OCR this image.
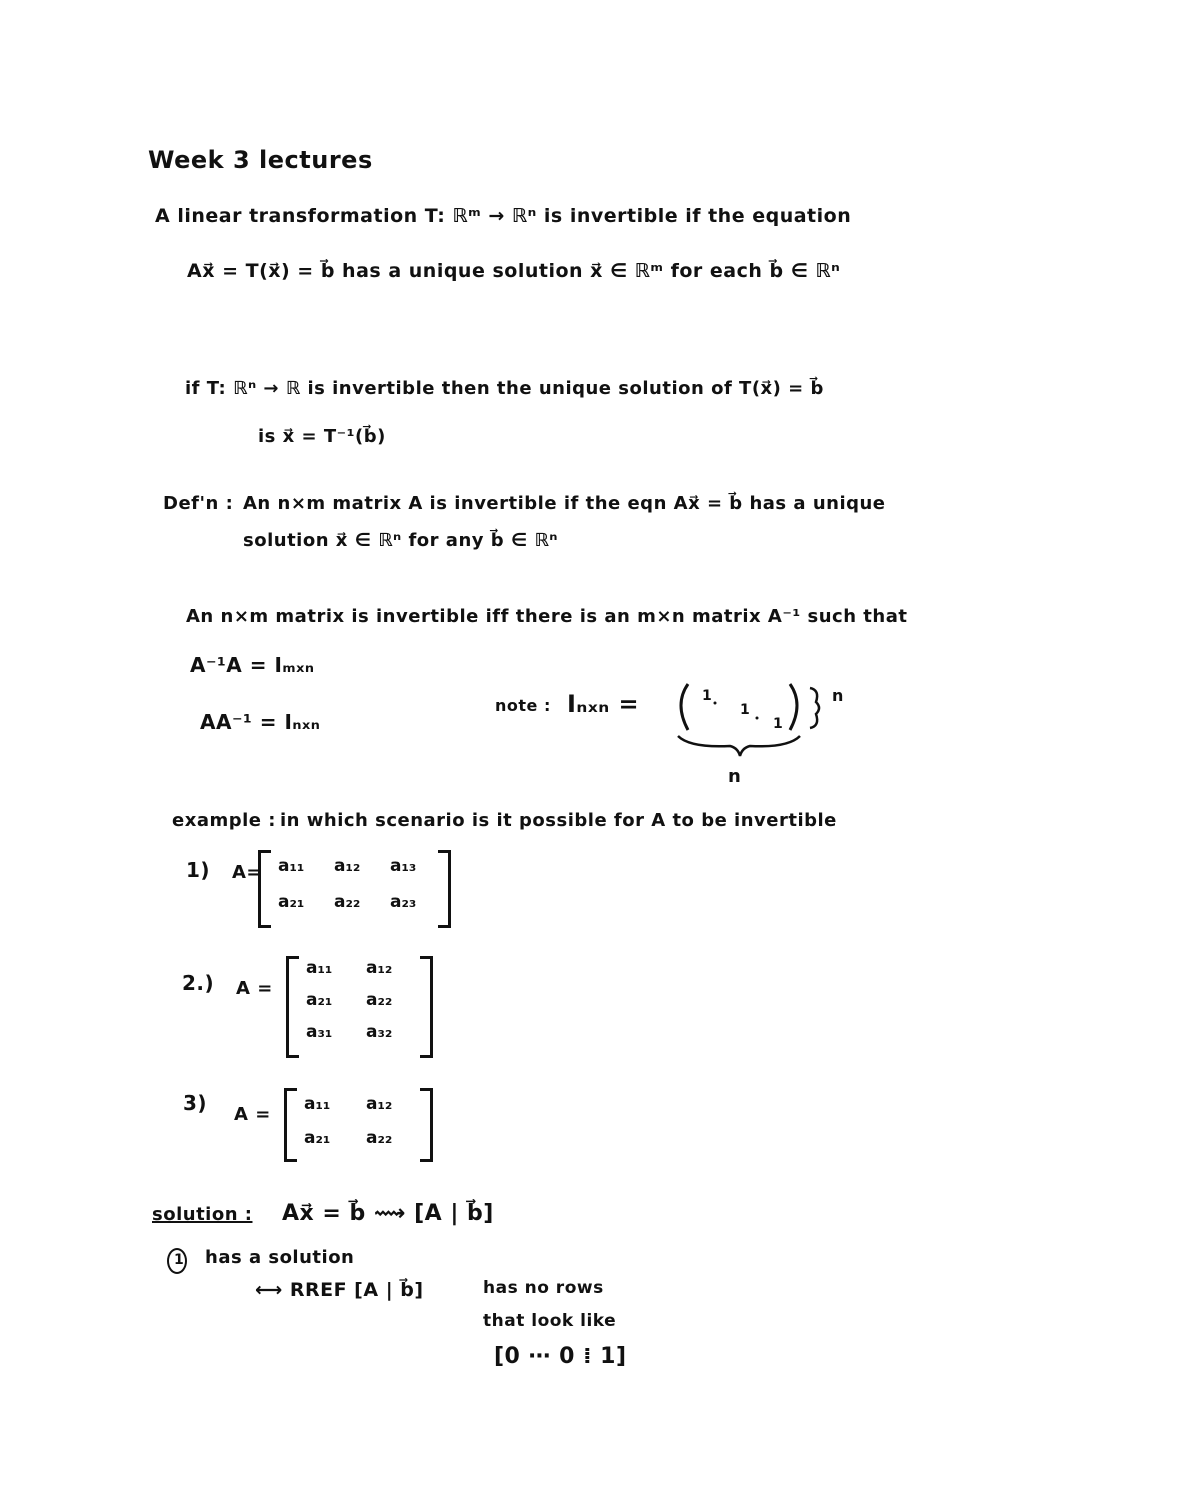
Week 3 lectures
A linear transformation T: ℝᵐ → ℝⁿ is invertible if the equation
Ax⃗ = T(x⃗) = b⃗ has a unique solution x⃗ ∈ ℝᵐ for each b⃗ ∈ ℝⁿ
if T: ℝⁿ → ℝ is invertible then the unique solution of T(x⃗) = b⃗
is x⃗ = T⁻¹(b⃗)
Def'n : An n×m matrix A is invertible if the eqn Ax⃗ = b⃗ has a unique
solution x⃗ ∈ ℝⁿ for any b⃗ ∈ ℝⁿ
An n×m matrix is invertible iff there is an m×n matrix A⁻¹ such that
A⁻¹A = Iₘₓₙ
AA⁻¹ = Iₙₓₙ
note : Iₙₓₙ =	1
1
1
n
n
example : in which scenario is it possible for A to be invertible
1) A= a₁₁	a₁₂	a₁₃
a₂₁	a₂₂	a₂₃
2.) A =
a₁₁	a₁₂
a₂₁	a₂₂
a₃₁	a₃₂
3) A = a₁₁	a₁₂
a₂₁	a₂₂
solution : Ax⃗ = b⃗ ⟿ [A | b⃗]
1 has a solution
⟷ RREF [A | b⃗]	has no rows
that look like
[0 ⋯ 0 ⁞ 1]
